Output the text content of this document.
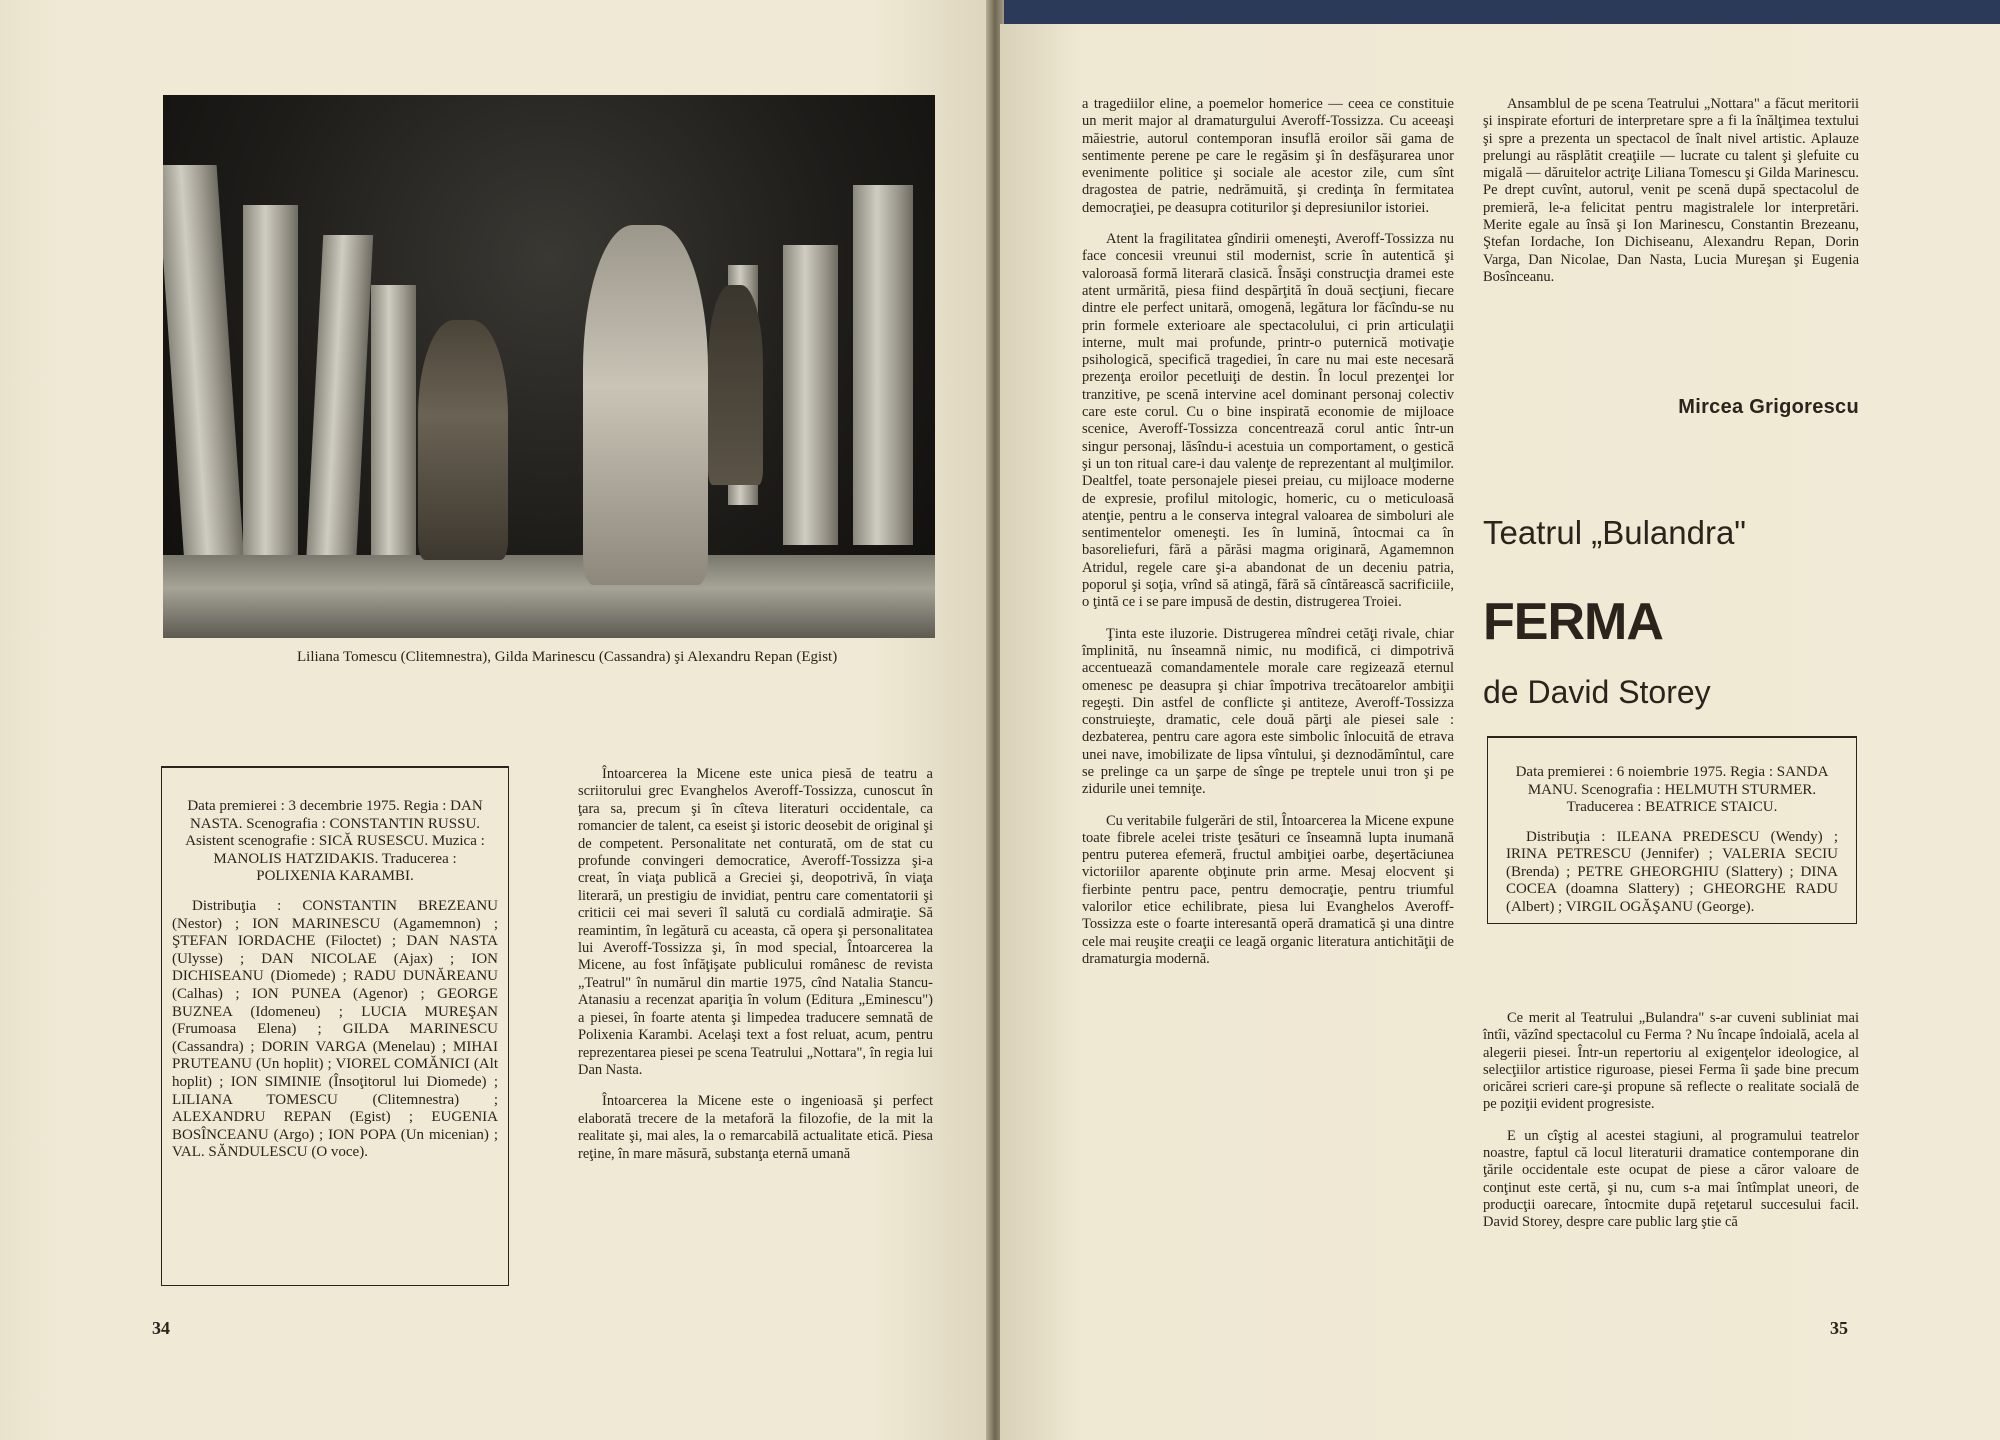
Liliana Tomescu (Clitemnestra), Gilda Marinescu (Cassandra) şi Alexandru Repan (Egist)

Data premierei : 3 decembrie 1975. Regia : DAN NASTA. Scenografia : CONSTANTIN RUSSU. Asistent scenografie : SICĂ RUSESCU. Muzica : MANOLIS HATZIDAKIS. Traducerea : POLIXENIA KARAMBI.

Distribuţia : CONSTANTIN BREZEANU (Nestor) ; ION MARINESCU (Agamemnon) ; ŞTEFAN IORDACHE (Filoctet) ; DAN NASTA (Ulysse) ; DAN NICOLAE (Ajax) ; ION DICHISEANU (Diomede) ; RADU DUNĂREANU (Calhas) ; ION PUNEA (Agenor) ; GEORGE BUZNEA (Idomeneu) ; LUCIA MUREŞAN (Frumoasa Elena) ; GILDA MARINESCU (Cassandra) ; DORIN VARGA (Menelau) ; MIHAI PRUTEANU (Un hoplit) ; VIOREL COMĂNICI (Alt hoplit) ; ION SIMINIE (Însoţitorul lui Diomede) ; LILIANA TOMESCU (Clitemnestra) ; ALEXANDRU REPAN (Egist) ; EUGENIA BOSÎNCEANU (Argo) ; ION POPA (Un micenian) ; VAL. SĂNDULESCU (O voce).

Întoarcerea la Micene este unica piesă de teatru a scriitorului grec Evanghelos Averoff-Tossizza, cunoscut în ţara sa, precum şi în cîteva literaturi occidentale, ca romancier de talent, ca eseist şi istoric deosebit de original şi de competent. Personalitate net conturată, om de stat cu profunde convingeri democratice, Averoff-Tossizza şi-a creat, în viaţa publică a Greciei şi, deopotrivă, în viaţa literară, un prestigiu de invidiat, pentru care comentatorii şi criticii cei mai severi îl salută cu cordială admiraţie. Să reamintim, în legătură cu aceasta, că opera şi personalitatea lui Averoff-Tossizza şi, în mod special, Întoarcerea la Micene, au fost înfăţişate publicului românesc de revista „Teatrul" în numărul din martie 1975, cînd Natalia Stancu-Atanasiu a recenzat apariţia în volum (Editura „Eminescu") a piesei, în foarte atenta şi limpedea traducere semnată de Polixenia Karambi. Acelaşi text a fost reluat, acum, pentru reprezentarea piesei pe scena Teatrului „Nottara", în regia lui Dan Nasta.

Întoarcerea la Micene este o ingenioasă şi perfect elaborată trecere de la metaforă la filozofie, de la mit la realitate şi, mai ales, la o remarcabilă actualitate etică. Piesa reţine, în mare măsură, substanţa eternă umană

34

a tragediilor eline, a poemelor homerice — ceea ce constituie un merit major al dramaturgului Averoff-Tossizza. Cu aceeaşi măiestrie, autorul contemporan insuflă eroilor săi gama de sentimente perene pe care le regăsim şi în desfăşurarea unor evenimente politice şi sociale ale acestor zile, cum sînt dragostea de patrie, nedrămuită, şi credinţa în fermitatea democraţiei, pe deasupra cotiturilor şi depresiunilor istoriei.

Atent la fragilitatea gîndirii omeneşti, Averoff-Tossizza nu face concesii vreunui stil modernist, scrie în autentică şi valoroasă formă literară clasică. Însăşi construcţia dramei este atent urmărită, piesa fiind despărţită în două secţiuni, fiecare dintre ele perfect unitară, omogenă, legătura lor făcîndu-se nu prin formele exterioare ale spectacolului, ci prin articulaţii interne, mult mai profunde, printr-o puternică motivaţie psihologică, specifică tragediei, în care nu mai este necesară prezenţa eroilor pecetluiţi de destin. În locul prezenţei lor tranzitive, pe scenă intervine acel dominant personaj colectiv care este corul. Cu o bine inspirată economie de mijloace scenice, Averoff-Tossizza concentrează corul antic într-un singur personaj, lăsîndu-i acestuia un comportament, o gestică şi un ton ritual care-i dau valenţe de reprezentant al mulţimilor. Dealtfel, toate personajele piesei preiau, cu mijloace moderne de expresie, profilul mitologic, homeric, cu o meticuloasă atenţie, pentru a le conserva integral valoarea de simboluri ale sentimentelor omeneşti. Ies în lumină, întocmai ca în basoreliefuri, fără a părăsi magma originară, Agamemnon Atridul, regele care şi-a abandonat de un deceniu patria, poporul şi soţia, vrînd să atingă, fără să cîntărească sacrificiile, o ţintă ce i se pare impusă de destin, distrugerea Troiei.

Ţinta este iluzorie. Distrugerea mîndrei cetăţi rivale, chiar împlinită, nu înseamnă nimic, nu modifică, ci dimpotrivă accentuează comandamentele morale care regizează eternul omenesc pe deasupra şi chiar împotriva trecătoarelor ambiţii regeşti. Din astfel de conflicte şi antiteze, Averoff-Tossizza construieşte, dramatic, cele două părţi ale piesei sale : dezbaterea, pentru care agora este simbolic înlocuită de etrava unei nave, imobilizate de lipsa vîntului, şi deznodămîntul, care se prelinge ca un şarpe de sînge pe treptele unui tron şi pe zidurile unei temniţe.

Cu veritabile fulgerări de stil, Întoarcerea la Micene expune toate fibrele acelei triste ţesături ce înseamnă lupta inumană pentru puterea efemeră, fructul ambiţiei oarbe, deşertăciunea victoriilor aparente obţinute prin arme. Mesaj elocvent şi fierbinte pentru pace, pentru democraţie, pentru triumful valorilor etice echilibrate, piesa lui Evanghelos Averoff-Tossizza este o foarte interesantă operă dramatică şi una dintre cele mai reuşite creaţii ce leagă organic literatura antichităţii de dramaturgia modernă.

Ansamblul de pe scena Teatrului „Nottara" a făcut meritorii şi inspirate eforturi de interpretare spre a fi la înălţimea textului şi spre a prezenta un spectacol de înalt nivel artistic. Aplauze prelungi au răsplătit creaţiile — lucrate cu talent şi şlefuite cu migală — dăruitelor actriţe Liliana Tomescu şi Gilda Marinescu. Pe drept cuvînt, autorul, venit pe scenă după spectacolul de premieră, le-a felicitat pentru magistralele lor interpretări. Merite egale au însă şi Ion Marinescu, Constantin Brezeanu, Ştefan Iordache, Ion Dichiseanu, Alexandru Repan, Dorin Varga, Dan Nicolae, Dan Nasta, Lucia Mureşan şi Eugenia Bosînceanu.

Mircea Grigorescu
Teatrul „Bulandra"
FERMA
de David Storey

Data premierei : 6 noiembrie 1975. Regia : SANDA MANU. Scenografia : HELMUTH STURMER. Traducerea : BEATRICE STAICU.

Distribuţia : ILEANA PREDESCU (Wendy) ; IRINA PETRESCU (Jennifer) ; VALERIA SECIU (Brenda) ; PETRE GHEORGHIU (Slattery) ; DINA COCEA (doamna Slattery) ; GHEORGHE RADU (Albert) ; VIRGIL OGĂŞANU (George).

Ce merit al Teatrului „Bulandra" s-ar cuveni subliniat mai întîi, văzînd spectacolul cu Ferma ? Nu încape îndoială, acela al alegerii piesei. Într-un repertoriu al exigenţelor ideologice, al selecţiilor artistice riguroase, piesei Ferma îi şade bine precum oricărei scrieri care-şi propune să reflecte o realitate socială de pe poziţii evident progresiste.

E un cîştig al acestei stagiuni, al programului teatrelor noastre, faptul că locul literaturii dramatice contemporane din ţările occidentale este ocupat de piese a căror valoare de conţinut este certă, şi nu, cum s-a mai întîmplat uneori, de producţii oarecare, întocmite după reţetarul succesului facil. David Storey, despre care public larg ştie că

35
